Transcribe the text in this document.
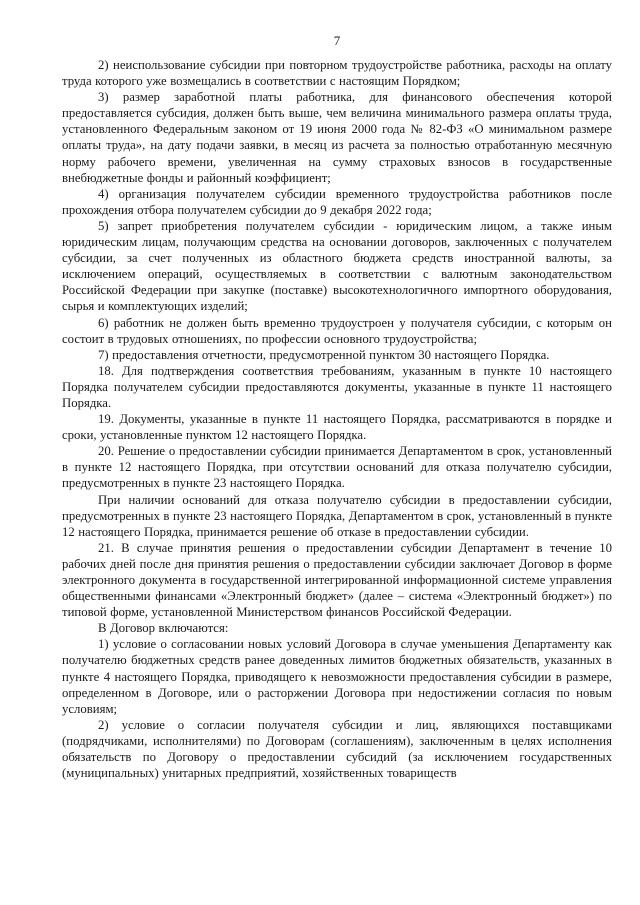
7

2) неиспользование субсидии при повторном трудоустройстве работника, расходы на оплату труда которого уже возмещались в соответствии с настоящим Порядком;

3) размер заработной платы работника, для финансового обеспечения которой предоставляется субсидия, должен быть выше, чем величина минимального размера оплаты труда, установленного Федеральным законом от 19 июня 2000 года № 82-ФЗ «О минимальном размере оплаты труда», на дату подачи заявки, в месяц из расчета за полностью отработанную месячную норму рабочего времени, увеличенная на сумму страховых взносов в государственные внебюджетные фонды и районный коэффициент;

4) организация получателем субсидии временного трудоустройства работников после прохождения отбора получателем субсидии до 9 декабря 2022 года;

5) запрет приобретения получателем субсидии - юридическим лицом, а также иным юридическим лицам, получающим средства на основании договоров, заключенных с получателем субсидии, за счет полученных из областного бюджета средств иностранной валюты, за исключением операций, осуществляемых в соответствии с валютным законодательством Российской Федерации при закупке (поставке) высокотехнологичного импортного оборудования, сырья и комплектующих изделий;

6) работник не должен быть временно трудоустроен у получателя субсидии, с которым он состоит в трудовых отношениях, по профессии основного трудоустройства;

7) предоставления отчетности, предусмотренной пунктом 30 настоящего Порядка.

18. Для подтверждения соответствия требованиям, указанным в пункте 10 настоящего Порядка получателем субсидии предоставляются документы, указанные в пункте 11 настоящего Порядка.

19. Документы, указанные в пункте 11 настоящего Порядка, рассматриваются в порядке и сроки, установленные пунктом 12 настоящего Порядка.

20. Решение о предоставлении субсидии принимается Департаментом в срок, установленный в пункте 12 настоящего Порядка, при отсутствии оснований для отказа получателю субсидии, предусмотренных в пункте 23 настоящего Порядка.

При наличии оснований для отказа получателю субсидии в предоставлении субсидии, предусмотренных в пункте 23 настоящего Порядка, Департаментом в срок, установленный в пункте 12 настоящего Порядка, принимается решение об отказе в предоставлении субсидии.

21. В случае принятия решения о предоставлении субсидии Департамент в течение 10 рабочих дней после дня принятия решения о предоставлении субсидии заключает Договор в форме электронного документа в государственной интегрированной информационной системе управления общественными финансами «Электронный бюджет» (далее – система «Электронный бюджет») по типовой форме, установленной Министерством финансов Российской Федерации.

В Договор включаются:

1) условие о согласовании новых условий Договора в случае уменьшения Департаменту как получателю бюджетных средств ранее доведенных лимитов бюджетных обязательств, указанных в пункте 4 настоящего Порядка, приводящего к невозможности предоставления субсидии в размере, определенном в Договоре, или о расторжении Договора при недостижении согласия по новым условиям;

2) условие о согласии получателя субсидии и лиц, являющихся поставщиками (подрядчиками, исполнителями) по Договорам (соглашениям), заключенным в целях исполнения обязательств по Договору о предоставлении субсидий (за исключением государственных (муниципальных) унитарных предприятий, хозяйственных товариществ
